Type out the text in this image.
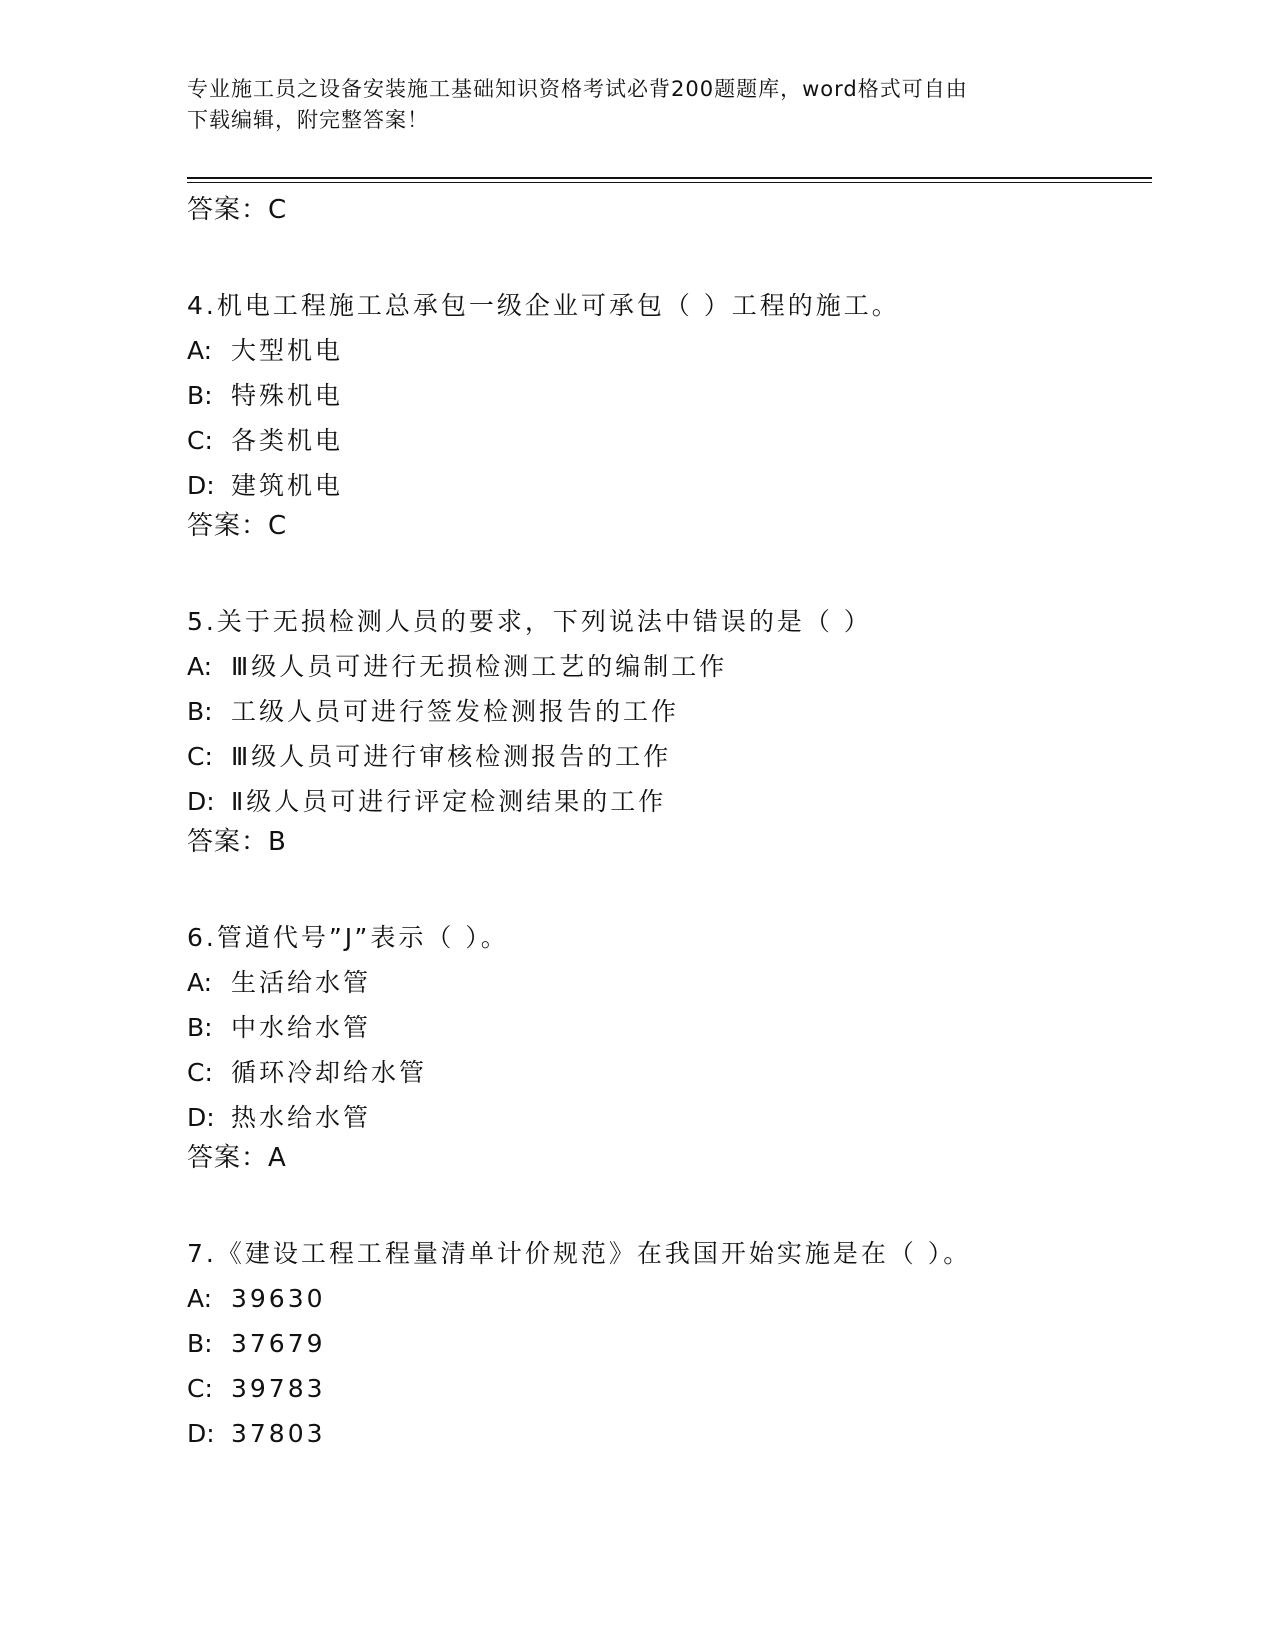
专业施工员之设备安装施工基础知识资格考试必背200题题库，word格式可自由
下载编辑，附完整答案！
答案：C
4.机电工程施工总承包一级企业可承包（ ）工程的施工。
A: 大型机电
B: 特殊机电
C: 各类机电
D: 建筑机电
答案：C
5.关于无损检测人员的要求，下列说法中错误的是（ ）
A: Ⅲ级人员可进行无损检测工艺的编制工作
B: 工级人员可进行签发检测报告的工作
C: Ⅲ级人员可进行审核检测报告的工作
D: Ⅱ级人员可进行评定检测结果的工作
答案：B
6.管道代号”J”表示（ ）。
A: 生活给水管
B: 中水给水管
C: 循环冷却给水管
D: 热水给水管
答案：A
7.《建设工程工程量清单计价规范》在我国开始实施是在（ ）。
A: 39630
B: 37679
C: 39783
D: 37803
